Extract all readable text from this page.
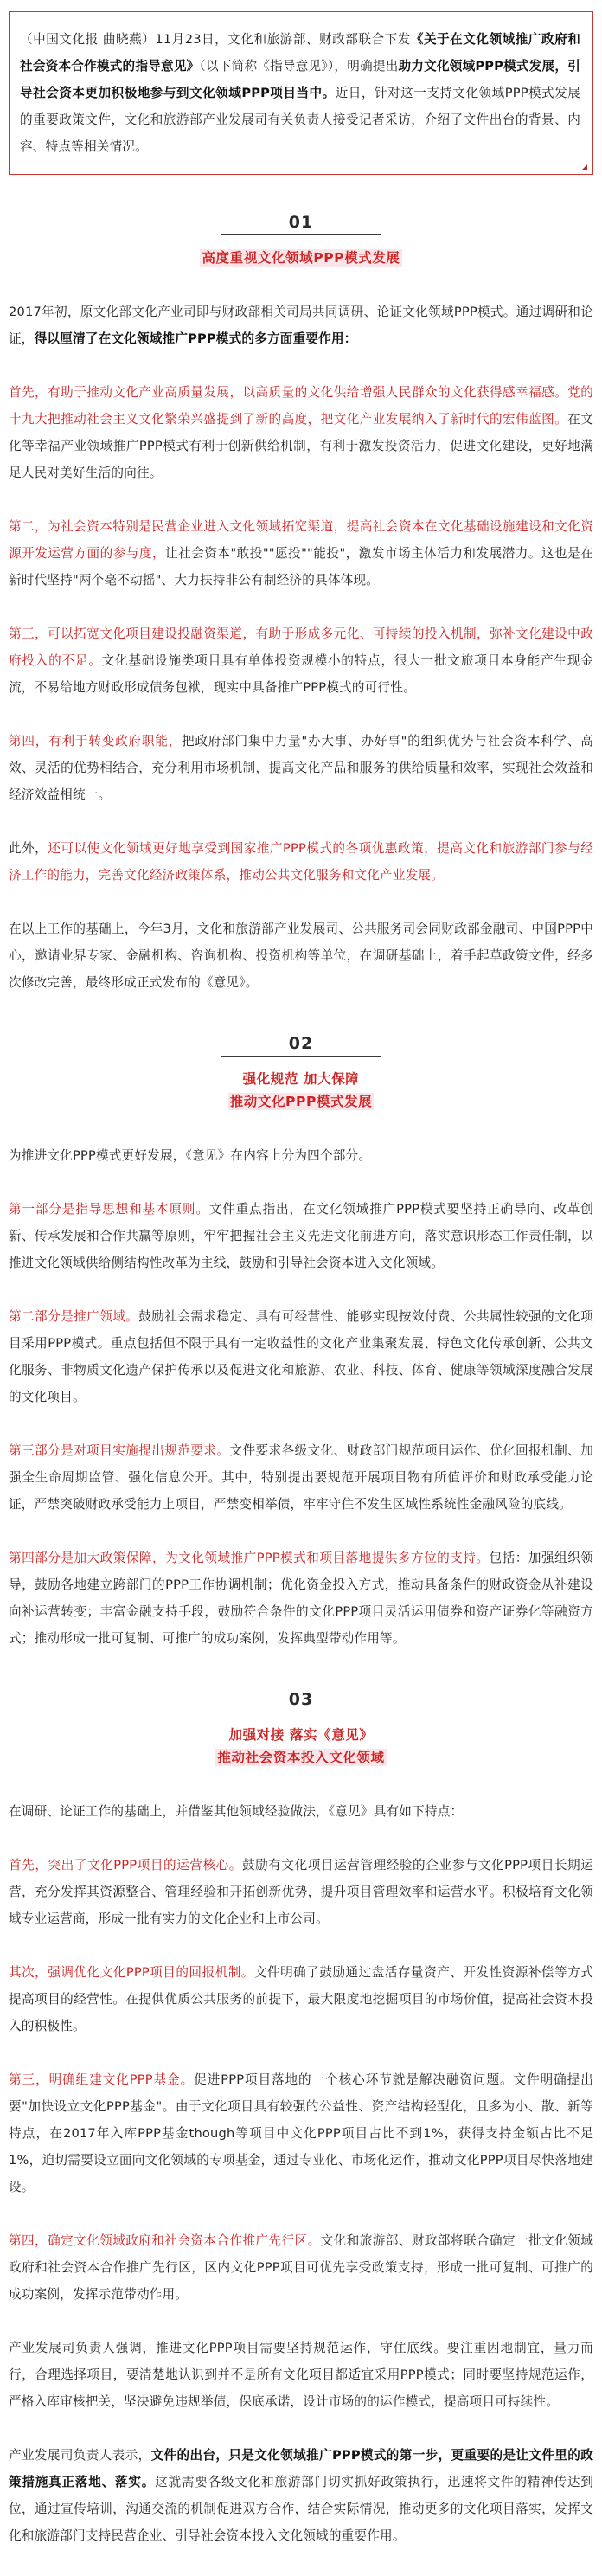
（中国文化报 曲晓燕）11月23日，文化和旅游部、财政部联合下发《关于在文化领域推广政府和社会资本合作模式的指导意见》（以下简称《指导意见》），明确提出助力文化领域PPP模式发展，引导社会资本更加积极地参与到文化领域PPP项目当中。近日，针对这一支持文化领域PPP模式发展的重要政策文件，文化和旅游部产业发展司有关负责人接受记者采访，介绍了文件出台的背景、内容、特点等相关情况。

01
高度重视文化领域PPP模式发展

2017年初，原文化部文化产业司即与财政部相关司局共同调研、论证文化领域PPP模式。通过调研和论证，得以厘清了在文化领域推广PPP模式的多方面重要作用：

首先，有助于推动文化产业高质量发展，以高质量的文化供给增强人民群众的文化获得感幸福感。党的十九大把推动社会主义文化繁荣兴盛提到了新的高度，把文化产业发展纳入了新时代的宏伟蓝图。在文化等幸福产业领域推广PPP模式有利于创新供给机制，有利于激发投资活力，促进文化建设，更好地满足人民对美好生活的向往。

第二，为社会资本特别是民营企业进入文化领域拓宽渠道，提高社会资本在文化基础设施建设和文化资源开发运营方面的参与度，让社会资本"敢投""愿投""能投"，激发市场主体活力和发展潜力。这也是在新时代坚持"两个毫不动摇"、大力扶持非公有制经济的具体体现。

第三，可以拓宽文化项目建设投融资渠道，有助于形成多元化、可持续的投入机制，弥补文化建设中政府投入的不足。文化基础设施类项目具有单体投资规模小的特点，很大一批文旅项目本身能产生现金流，不易给地方财政形成债务包袱，现实中具备推广PPP模式的可行性。

第四，有利于转变政府职能，把政府部门集中力量"办大事、办好事"的组织优势与社会资本科学、高效、灵活的优势相结合，充分利用市场机制，提高文化产品和服务的供给质量和效率，实现社会效益和经济效益相统一。

此外，还可以使文化领域更好地享受到国家推广PPP模式的各项优惠政策，提高文化和旅游部门参与经济工作的能力，完善文化经济政策体系，推动公共文化服务和文化产业发展。

在以上工作的基础上，今年3月，文化和旅游部产业发展司、公共服务司会同财政部金融司、中国PPP中心，邀请业界专家、金融机构、咨询机构、投资机构等单位，在调研基础上，着手起草政策文件，经多次修改完善，最终形成正式发布的《意见》。

02
强化规范 加大保障
推动文化PPP模式发展

为推进文化PPP模式更好发展，《意见》在内容上分为四个部分。

第一部分是指导思想和基本原则。文件重点指出，在文化领域推广PPP模式要坚持正确导向、改革创新、传承发展和合作共赢等原则，牢牢把握社会主义先进文化前进方向，落实意识形态工作责任制，以推进文化领域供给侧结构性改革为主线，鼓励和引导社会资本进入文化领域。

第二部分是推广领域。鼓励社会需求稳定、具有可经营性、能够实现按效付费、公共属性较强的文化项目采用PPP模式。重点包括但不限于具有一定收益性的文化产业集聚发展、特色文化传承创新、公共文化服务、非物质文化遗产保护传承以及促进文化和旅游、农业、科技、体育、健康等领域深度融合发展的文化项目。

第三部分是对项目实施提出规范要求。文件要求各级文化、财政部门规范项目运作、优化回报机制、加强全生命周期监管、强化信息公开。其中，特别提出要规范开展项目物有所值评价和财政承受能力论证，严禁突破财政承受能力上项目，严禁变相举债，牢牢守住不发生区域性系统性金融风险的底线。

第四部分是加大政策保障，为文化领域推广PPP模式和项目落地提供多方位的支持。包括：加强组织领导，鼓励各地建立跨部门的PPP工作协调机制；优化资金投入方式，推动具备条件的财政资金从补建设向补运营转变；丰富金融支持手段，鼓励符合条件的文化PPP项目灵活运用债券和资产证券化等融资方式；推动形成一批可复制、可推广的成功案例，发挥典型带动作用等。

03
加强对接 落实《意见》
推动社会资本投入文化领域

在调研、论证工作的基础上，并借鉴其他领域经验做法，《意见》具有如下特点：

首先，突出了文化PPP项目的运营核心。鼓励有文化项目运营管理经验的企业参与文化PPP项目长期运营，充分发挥其资源整合、管理经验和开拓创新优势，提升项目管理效率和运营水平。积极培育文化领域专业运营商，形成一批有实力的文化企业和上市公司。

其次，强调优化文化PPP项目的回报机制。文件明确了鼓励通过盘活存量资产、开发性资源补偿等方式提高项目的经营性。在提供优质公共服务的前提下，最大限度地挖掘项目的市场价值，提高社会资本投入的积极性。

第三，明确组建文化PPP基金。促进PPP项目落地的一个核心环节就是解决融资问题。文件明确提出要"加快设立文化PPP基金"。由于文化项目具有较强的公益性、资产结构轻型化，且多为小、散、新等特点，在2017年入库PPP基金though等项目中文化PPP项目占比不到1%，获得支持金额占比不足1%，迫切需要设立面向文化领域的专项基金，通过专业化、市场化运作，推动文化PPP项目尽快落地建设。

第四，确定文化领域政府和社会资本合作推广先行区。文化和旅游部、财政部将联合确定一批文化领域政府和社会资本合作推广先行区，区内文化PPP项目可优先享受政策支持，形成一批可复制、可推广的成功案例，发挥示范带动作用。

产业发展司负责人强调，推进文化PPP项目需要坚持规范运作，守住底线。要注重因地制宜，量力而行，合理选择项目，要清楚地认识到并不是所有文化项目都适宜采用PPP模式；同时要坚持规范运作，严格入库审核把关，坚决避免违规举债，保底承诺，设计市场的的运作模式，提高项目可持续性。

产业发展司负责人表示，文件的出台，只是文化领域推广PPP模式的第一步，更重要的是让文件里的政策措施真正落地、落实。这就需要各级文化和旅游部门切实抓好政策执行，迅速将文件的精神传达到位，通过宣传培训，沟通交流的机制促进双方合作，结合实际情况，推动更多的文化项目落实，发挥文化和旅游部门支持民营企业、引导社会资本投入文化领域的重要作用。
